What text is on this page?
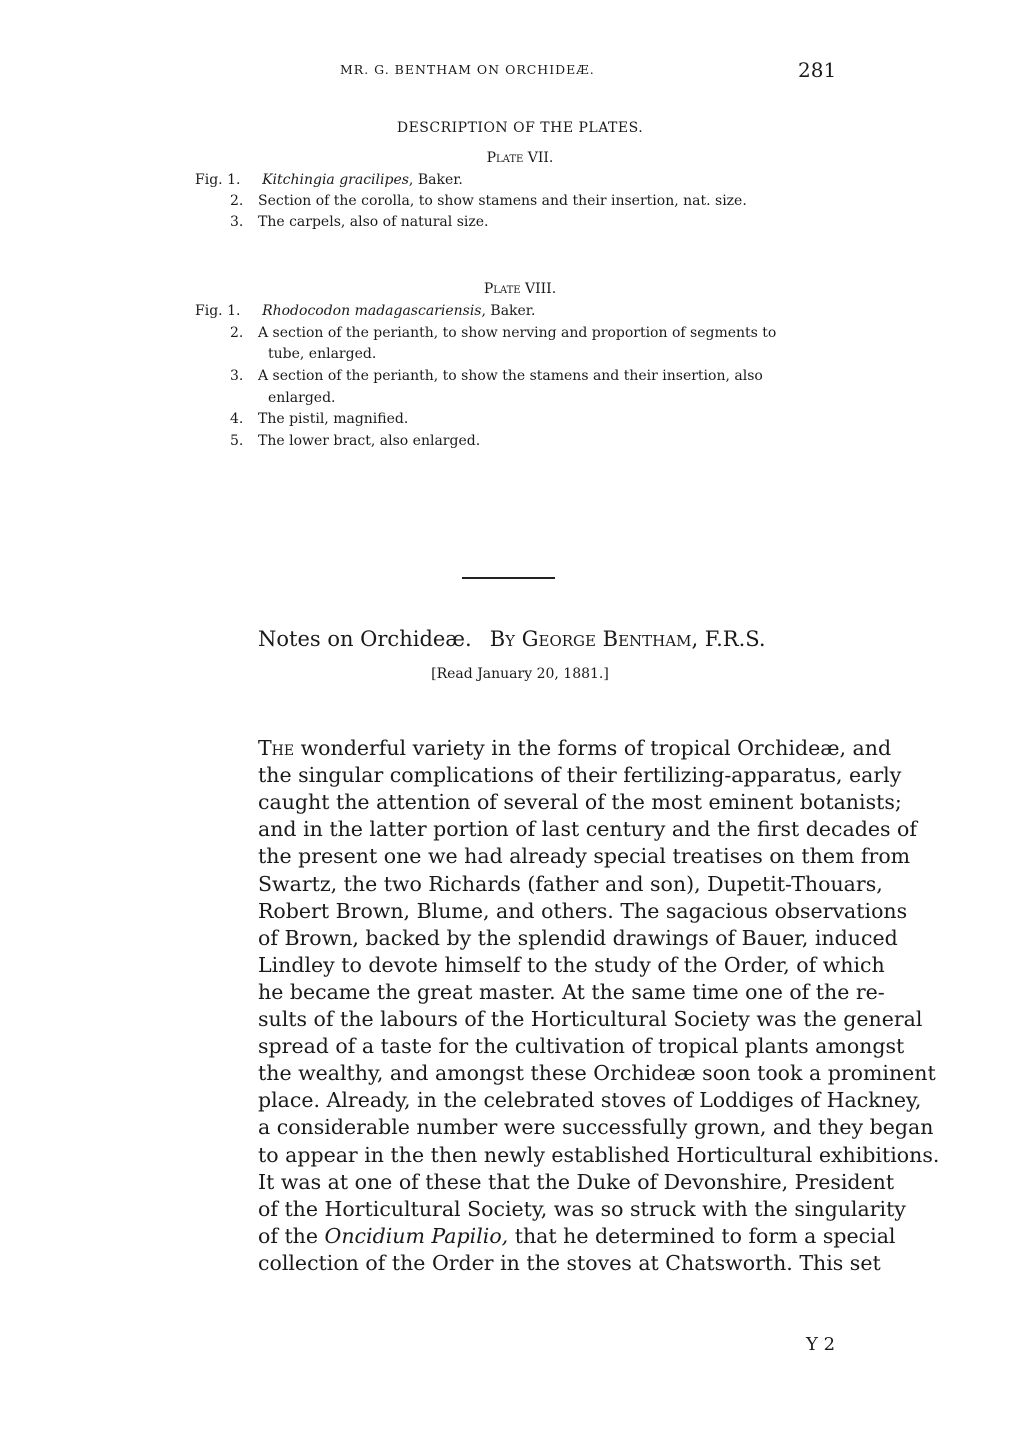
MR. G. BENTHAM ON ORCHIDEÆ.	281
DESCRIPTION OF THE PLATES.
Plate VII.
Fig. 1. Kitchingia gracilipes, Baker.
2. Section of the corolla, to show stamens and their insertion, nat. size.
3. The carpels, also of natural size.
Plate VIII.
Fig. 1. Rhodocodon madagascariensis, Baker.
2. A section of the perianth, to show nerving and proportion of segments to
tube, enlarged.
3. A section of the perianth, to show the stamens and their insertion, also
enlarged.
4. The pistil, magnified.
5. The lower bract, also enlarged.
Notes on Orchideæ. By George Bentham, F.R.S.
[Read January 20, 1881.]
The wonderful variety in the forms of tropical Orchideæ, and
the singular complications of their fertilizing-apparatus, early
caught the attention of several of the most eminent botanists;
and in the latter portion of last century and the first decades of
the present one we had already special treatises on them from
Swartz, the two Richards (father and son), Dupetit-Thouars,
Robert Brown, Blume, and others. The sagacious observations
of Brown, backed by the splendid drawings of Bauer, induced
Lindley to devote himself to the study of the Order, of which
he became the great master. At the same time one of the re-
sults of the labours of the Horticultural Society was the general
spread of a taste for the cultivation of tropical plants amongst
the wealthy, and amongst these Orchideæ soon took a prominent
place. Already, in the celebrated stoves of Loddiges of Hackney,
a considerable number were successfully grown, and they began
to appear in the then newly established Horticultural exhibitions.
It was at one of these that the Duke of Devonshire, President
of the Horticultural Society, was so struck with the singularity
of the Oncidium Papilio, that he determined to form a special
collection of the Order in the stoves at Chatsworth. This set
Y 2
